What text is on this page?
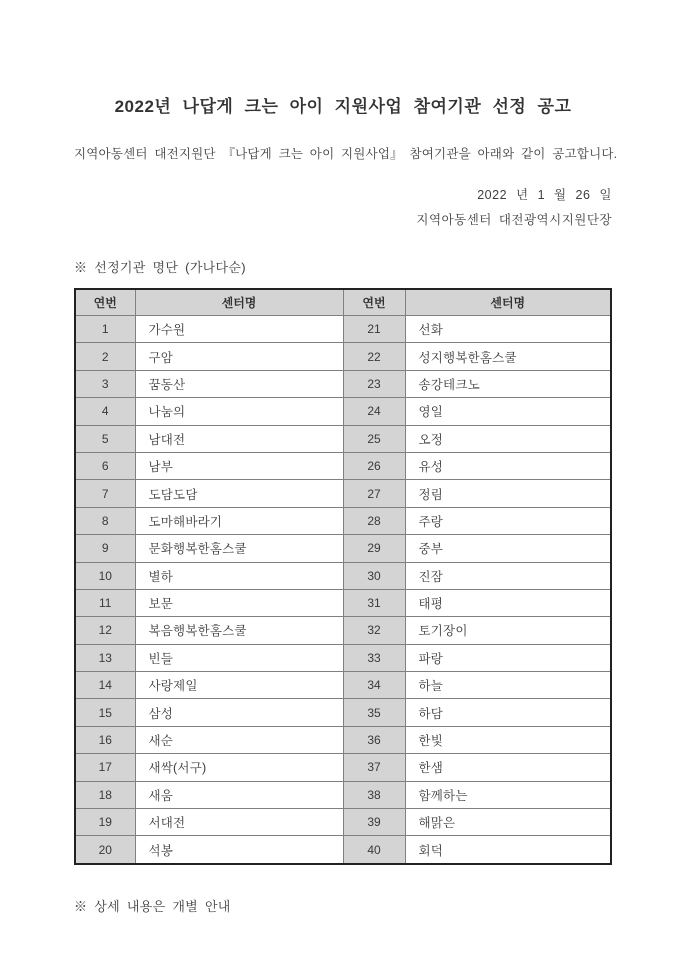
2022년 나답게 크는 아이 지원사업 참여기관 선정 공고
지역아동센터 대전지원단 『나답게 크는 아이 지원사업』 참여기관을 아래와 같이 공고합니다.
2022 년 1 월 26 일
지역아동센터 대전광역시지원단장
※ 선정기관 명단 (가나다순)
연번	센터명	연번	센터명
1	가수원	21	선화
2	구암	22	성지행복한홈스쿨
3	꿈동산	23	송강테크노
4	나눔의	24	영일
5	남대전	25	오정
6	남부	26	유성
7	도담도담	27	정림
8	도마해바라기	28	주랑
9	문화행복한홈스쿨	29	중부
10	별하	30	진잠
11	보문	31	태평
12	복음행복한홈스쿨	32	토기장이
13	빈들	33	파랑
14	사랑제일	34	하늘
15	삼성	35	하담
16	새순	36	한빛
17	새싹(서구)	37	한샘
18	새움	38	함께하는
19	서대전	39	해맑은
20	석봉	40	회덕
※ 상세 내용은 개별 안내
